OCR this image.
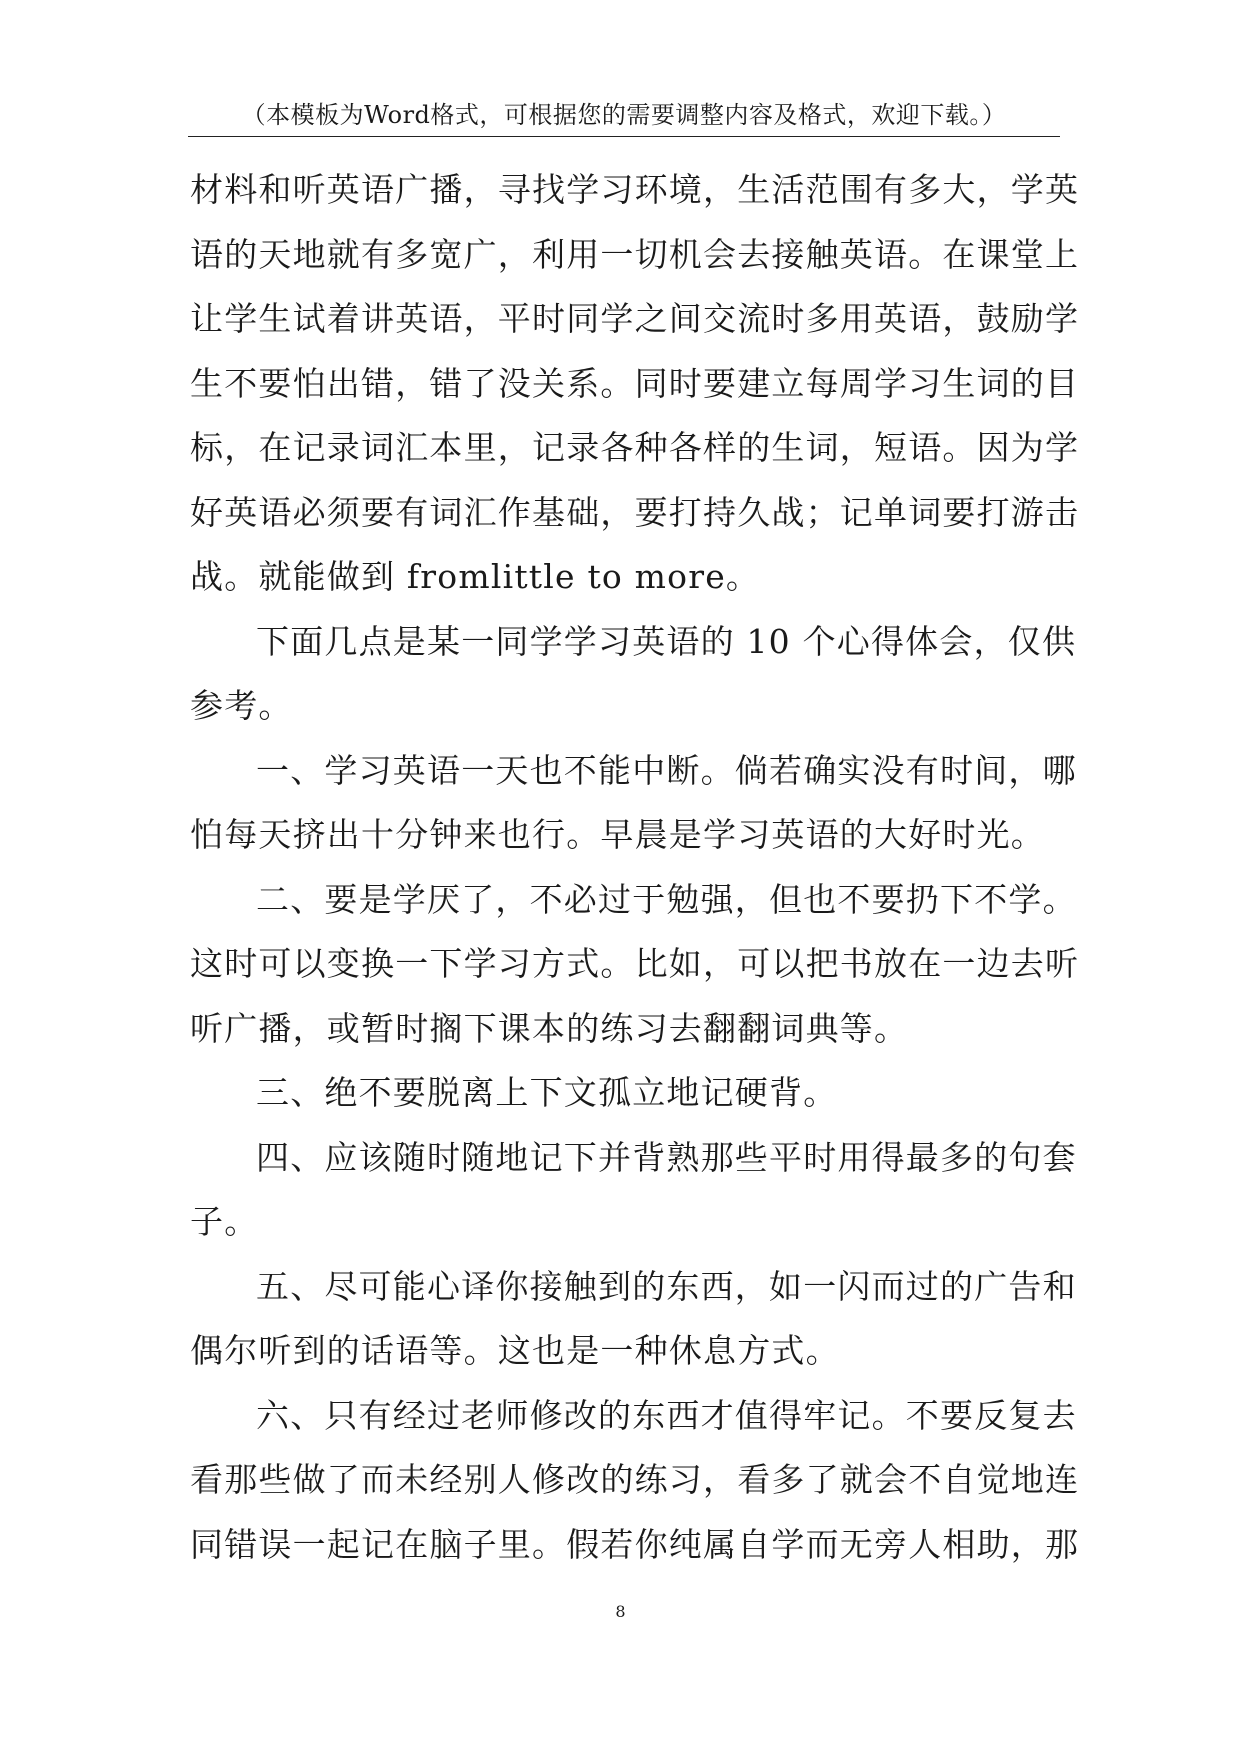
（本模板为Word格式，可根据您的需要调整内容及格式，欢迎下载。）
材料和听英语广播，寻找学习环境，生活范围有多大，学英
语的天地就有多宽广，利用一切机会去接触英语。在课堂上
让学生试着讲英语，平时同学之间交流时多用英语，鼓励学
生不要怕出错，错了没关系。同时要建立每周学习生词的目
标，在记录词汇本里，记录各种各样的生词，短语。因为学
好英语必须要有词汇作基础，要打持久战；记单词要打游击
战。就能做到 fromlittle to more。
下面几点是某一同学学习英语的 10 个心得体会，仅供
参考。
一、学习英语一天也不能中断。倘若确实没有时间，哪
怕每天挤出十分钟来也行。早晨是学习英语的大好时光。
二、要是学厌了，不必过于勉强，但也不要扔下不学。
这时可以变换一下学习方式。比如，可以把书放在一边去听
听广播，或暂时搁下课本的练习去翻翻词典等。
三、绝不要脱离上下文孤立地记硬背。
四、应该随时随地记下并背熟那些平时用得最多的句套
子。
五、尽可能心译你接触到的东西，如一闪而过的广告和
偶尔听到的话语等。这也是一种休息方式。
六、只有经过老师修改的东西才值得牢记。不要反复去
看那些做了而未经别人修改的练习，看多了就会不自觉地连
同错误一起记在脑子里。假若你纯属自学而无旁人相助，那
8
